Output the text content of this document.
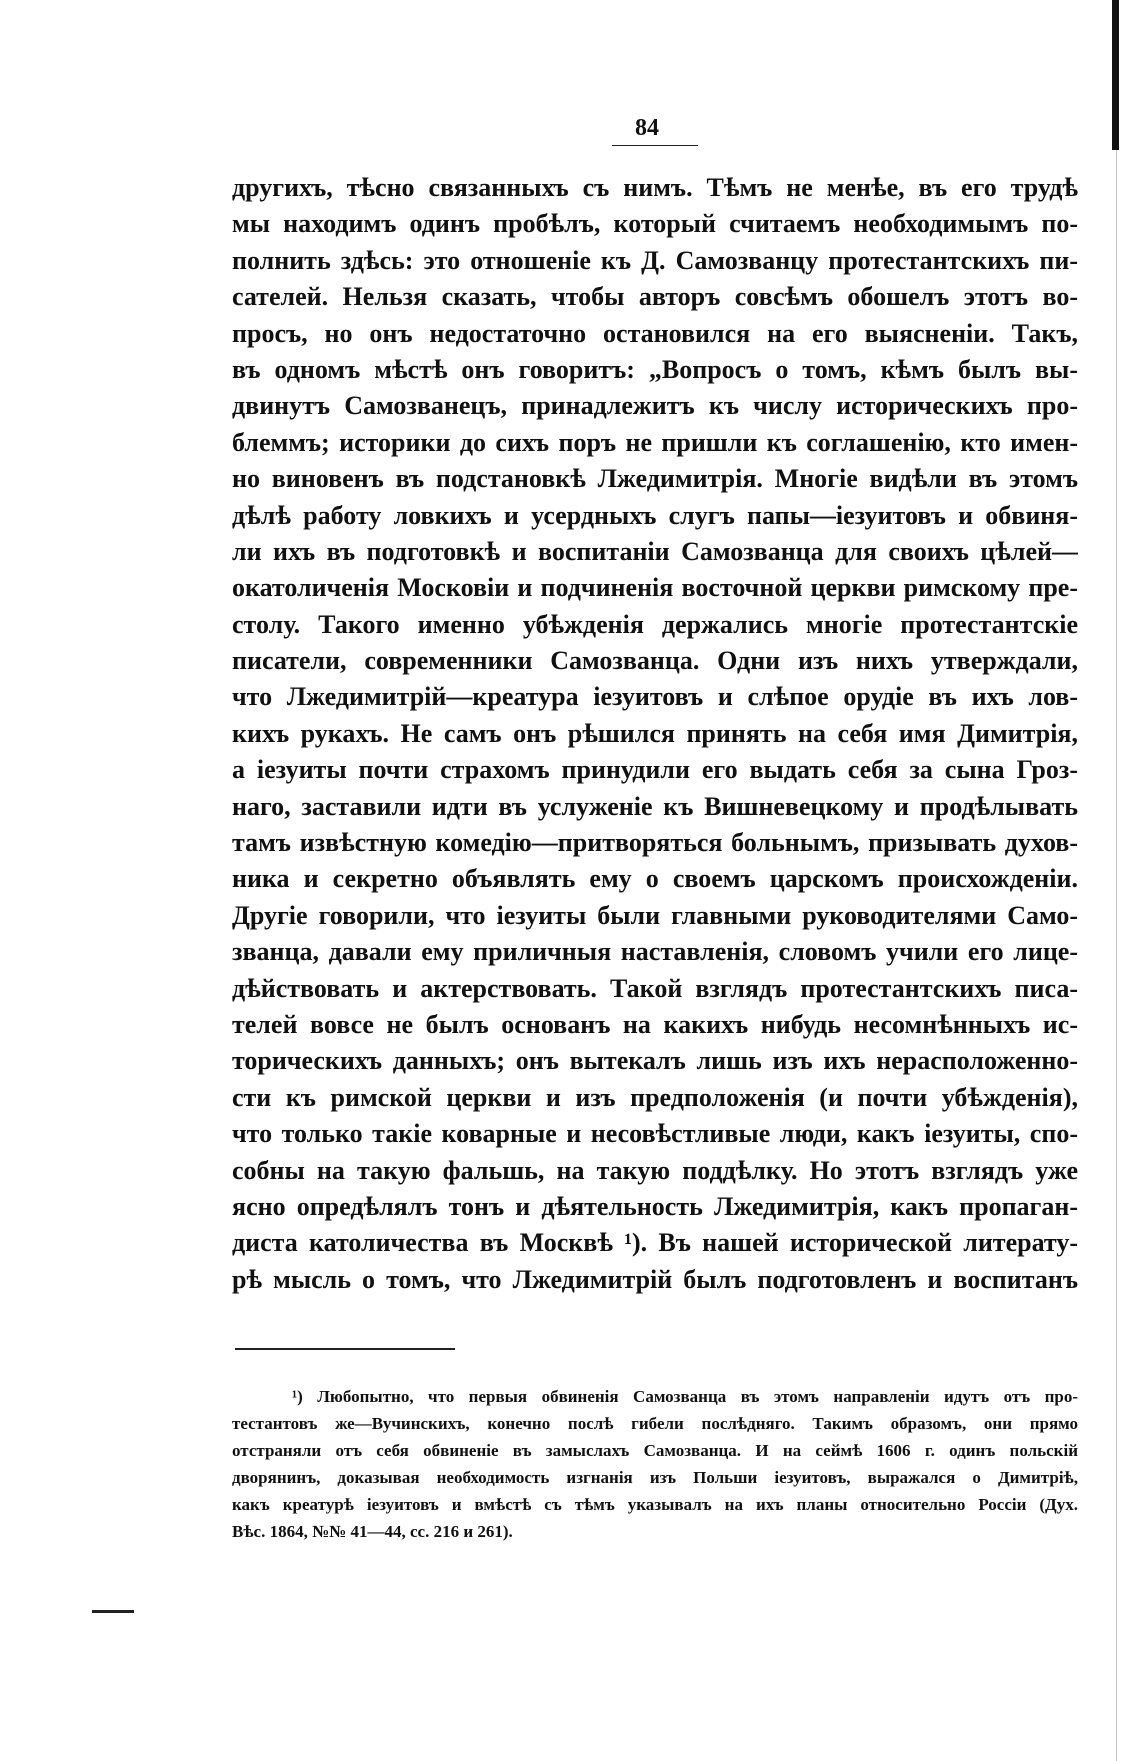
84
другихъ, тѣсно связанныхъ съ нимъ. Тѣмъ не менѣе, въ его трудѣ
мы находимъ одинъ пробѣлъ, который считаемъ необходимымъ по-
полнить здѣсь: это отношеніе къ Д. Самозванцу протестантскихъ пи-
сателей. Нельзя сказать, чтобы авторъ совсѣмъ обошелъ этотъ во-
просъ, но онъ недостаточно остановился на его выясненіи. Такъ,
въ одномъ мѣстѣ онъ говоритъ: „Вопросъ о томъ, кѣмъ былъ вы-
двинутъ Самозванецъ, принадлежитъ къ числу историческихъ про-
блеммъ; историки до сихъ поръ не пришли къ соглашенію, кто имен-
но виновенъ въ подстановкѣ Лжедимитрія. Многіе видѣли въ этомъ
дѣлѣ работу ловкихъ и усердныхъ слугъ папы—іезуитовъ и обвиня-
ли ихъ въ подготовкѣ и воспитаніи Самозванца для своихъ цѣлей—
окатоличенія Московіи и подчиненія восточной церкви римскому пре-
столу. Такого именно убѣжденія держались многіе протестантскіе
писатели, современники Самозванца. Одни изъ нихъ утверждали,
что Лжедимитрій—креатура іезуитовъ и слѣпое орудіе въ ихъ лов-
кихъ рукахъ. Не самъ онъ рѣшился принять на себя имя Димитрія,
а іезуиты почти страхомъ принудили его выдать себя за сына Гроз-
наго, заставили идти въ услуженіе къ Вишневецкому и продѣлывать
тамъ извѣстную комедію—притворяться больнымъ, призывать духов-
ника и секретно объявлять ему о своемъ царскомъ происхожденіи.
Другіе говорили, что іезуиты были главными руководителями Само-
званца, давали ему приличныя наставленія, словомъ учили его лице-
дѣйствовать и актерствовать. Такой взглядъ протестантскихъ писа-
телей вовсе не былъ основанъ на какихъ нибудь несомнѣнныхъ ис-
торическихъ данныхъ; онъ вытекалъ лишь изъ ихъ нерасположенно-
сти къ римской церкви и изъ предположенія (и почти убѣжденія),
что только такіе коварные и несовѣстливые люди, какъ іезуиты, спо-
собны на такую фальшь, на такую поддѣлку. Но этотъ взглядъ уже
ясно опредѣлялъ тонъ и дѣятельность Лжедимитрія, какъ пропаган-
диста католичества въ Москвѣ ¹). Въ нашей исторической литерату-
рѣ мысль о томъ, что Лжедимитрій былъ подготовленъ и воспитанъ
¹) Любопытно, что первыя обвиненія Самозванца въ этомъ направленіи идутъ отъ про-
тестантовъ же—Вучинскихъ, конечно послѣ гибели послѣдняго. Такимъ образомъ, они прямо
отстраняли отъ себя обвиненіе въ замыслахъ Самозванца. И на сеймѣ 1606 г. одинъ польскій
дворянинъ, доказывая необходимость изгнанія изъ Польши іезуитовъ, выражался о Димитріѣ,
какъ креатурѣ іезуитовъ и вмѣстѣ съ тѣмъ указывалъ на ихъ планы относительно Россіи (Дух.
Вѣс. 1864, №№ 41—44, сс. 216 и 261).
